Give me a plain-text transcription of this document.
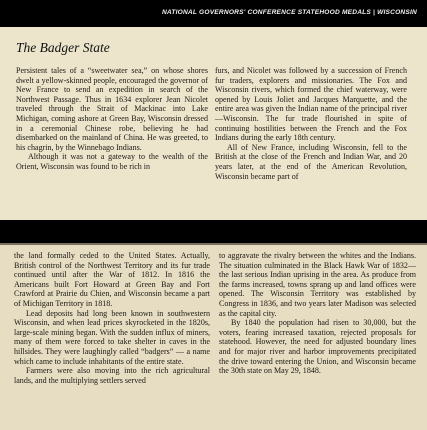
NATIONAL GOVERNORS' CONFERENCE STATEHOOD MEDALS | WISCONSIN
The Badger State

Persistent tales of a “sweetwater sea,” on whose shores dwelt a yellow-skinned people, encouraged the governor of New France to send an expedition in search of the Northwest Passage. Thus in 1634 explorer Jean Nicolet traveled through the Strait of Mackinac into Lake Michigan, coming ashore at Green Bay, Wisconsin dressed in a ceremonial Chinese robe, believing he had disembarked on the mainland of China. He was greeted, to his chagrin, by the Winnebago Indians.

Although it was not a gateway to the wealth of the Orient, Wisconsin was found to be rich in

furs, and Nicolet was followed by a succession of French fur traders, explorers and missionaries. The Fox and Wisconsin rivers, which formed the chief waterway, were opened by Louis Joliet and Jacques Marquette, and the entire area was given the Indian name of the principal river—Wisconsin. The fur trade flourished in spite of continuing hostilities between the French and the Fox Indians during the early 18th century.

All of New France, including Wisconsin, fell to the British at the close of the French and Indian War, and 20 years later, at the end of the American Revolution, Wisconsin became part of

the land formally ceded to the United States. Actually, British control of the Northwest Territory and its fur trade continued until after the War of 1812. In 1816 the Americans built Fort Howard at Green Bay and Fort Crawford at Prairie du Chien, and Wisconsin became a part of Michigan Territory in 1818.

Lead deposits had long been known in southwestern Wisconsin, and when lead prices skyrocketed in the 1820s, large-scale mining began. With the sudden influx of miners, many of them were forced to take shelter in caves in the hillsides. They were laughingly called “badgers” — a name which came to include inhabitants of the entire state.

Farmers were also moving into the rich agricultural lands, and the multiplying settlers served

to aggravate the rivalry between the whites and the Indians. The situation culminated in the Black Hawk War of 1832—the last serious Indian uprising in the area. As produce from the farms increased, towns sprang up and land offices were opened. The Wisconsin Territory was established by Congress in 1836, and two years later Madison was selected as the capital city.

By 1840 the population had risen to 30,000, but the voters, fearing increased taxation, rejected proposals for statehood. However, the need for adjusted boundary lines and for major river and harbor improvements precipitated the drive toward entering the Union, and Wisconsin became the 30th state on May 29, 1848.
